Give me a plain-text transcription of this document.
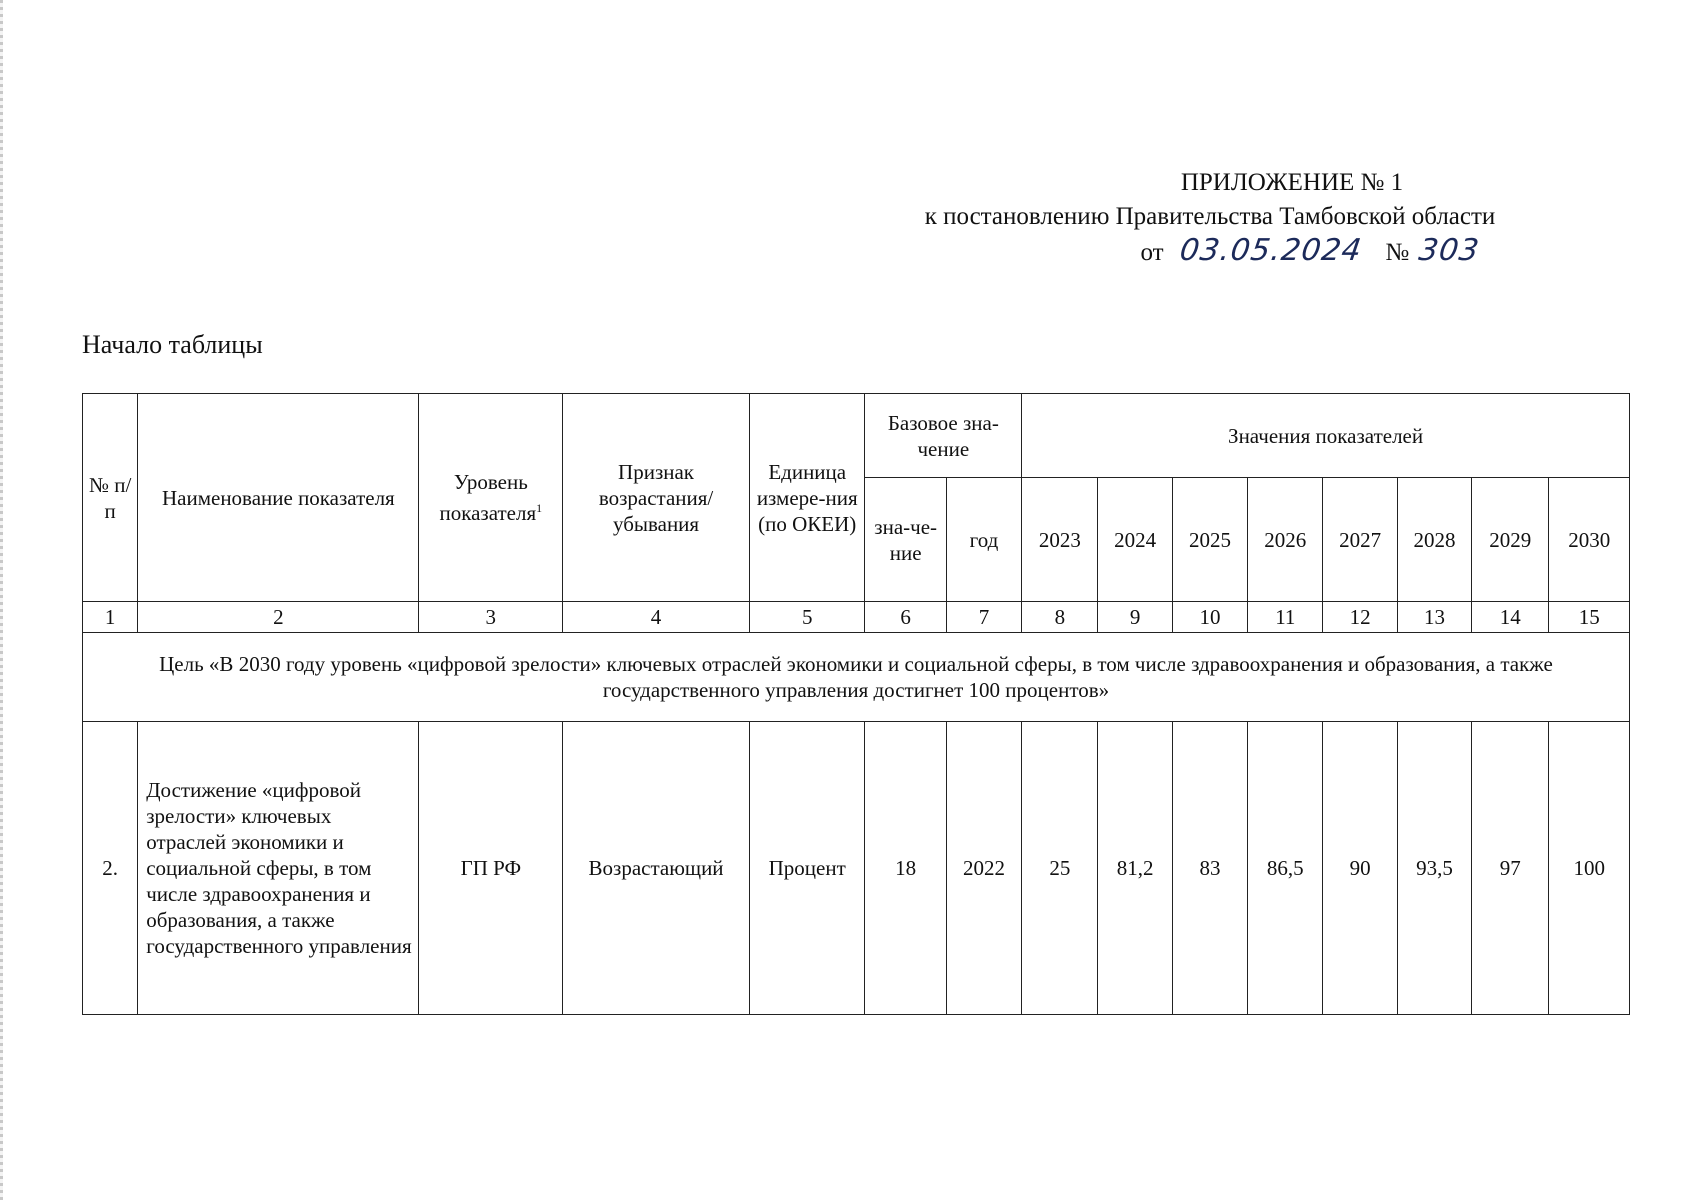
ПРИЛОЖЕНИЕ № 1
к постановлению Правительства Тамбовской области
от 03.05.2024 № 303
Начало таблицы
№ п/п	Наименование показателя	Уровень показателя$^1$	Признак возрастания/ убывания	Единица измере-ния (по ОКЕИ)	Базовое зна-чение		Значения показателей							
					зна-че-ние	год	2023	2024	2025	2026	2027	2028	2029	2030
1	2	3	4	5	6	7	8	9	10	11	12	13	14	15
Цель «В 2030 году уровень «цифровой зрелости» ключевых отраслей экономики и социальной сферы, в том числе здравоохранения и образования, а также государственного управления достигнет 100 процентов»														
2.	Достижение «цифровой зрелости» ключевых отраслей экономики и социальной сферы, в том числе здравоохранения и образования, а также государственного управления	ГП РФ	Возрастающий	Процент	18	2022	25	81,2	83	86,5	90	93,5	97	100
